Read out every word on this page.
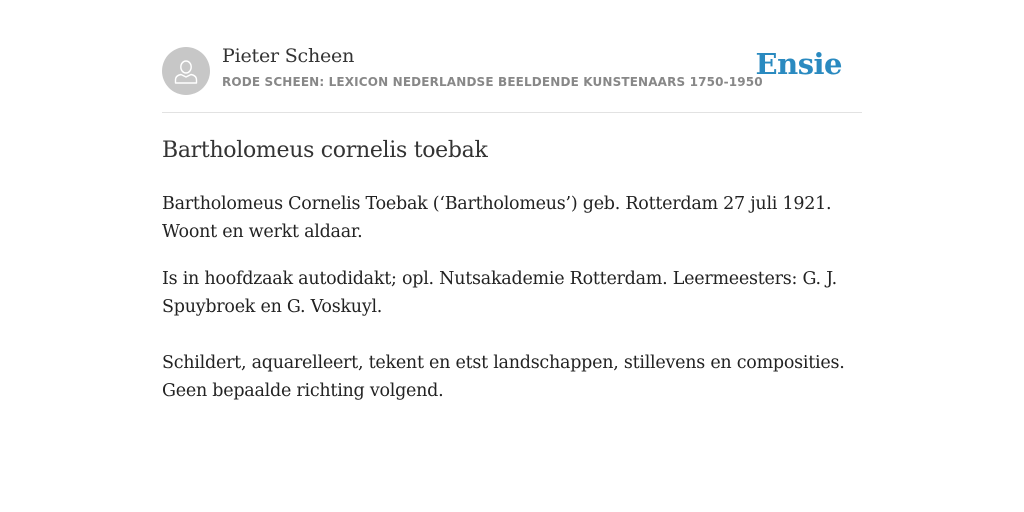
Pieter Scheen
RODE SCHEEN: LEXICON NEDERLANDSE BEELDENDE KUNSTENAARS 1750-1950
Ensie
Bartholomeus cornelis toebak

Bartholomeus Cornelis Toebak (‘Bartholomeus’) geb. Rotterdam 27 juli 1921. Woont en werkt aldaar.

Is in hoofdzaak autodidakt; opl. Nutsakademie Rotterdam. Leermeesters: G. J. Spuybroek en G. Voskuyl.

Schildert, aquarelleert, tekent en etst landschappen, stillevens en composities. Geen bepaalde richting volgend.
